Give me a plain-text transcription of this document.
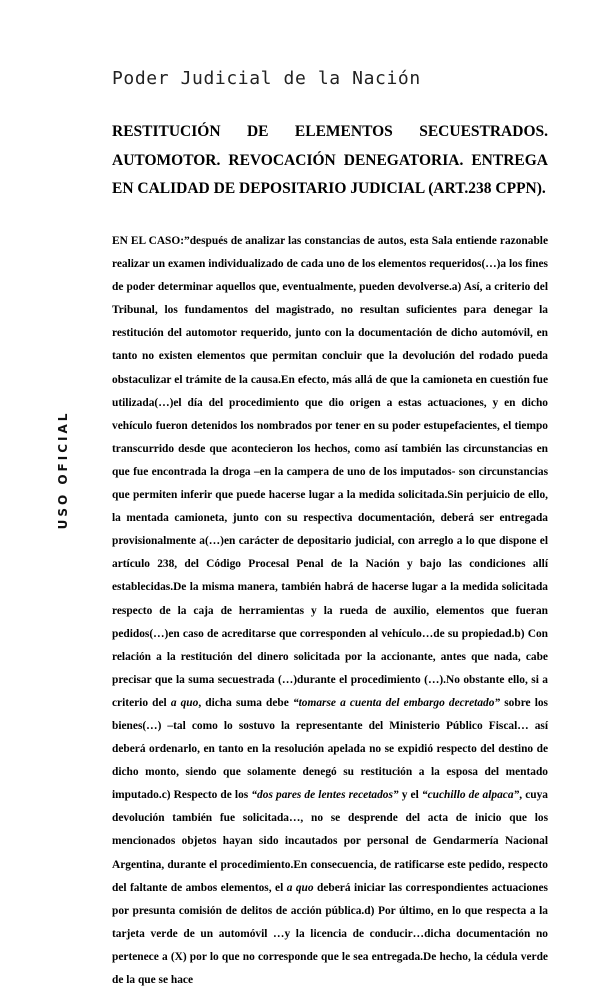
Poder Judicial de la Nación
USO OFICIAL
RESTITUCIÓN DE ELEMENTOS SECUESTRADOS. AUTOMOTOR. REVOCACIÓN DENEGATORIA. ENTREGA EN CALIDAD DE DEPOSITARIO JUDICIAL (ART.238 CPPN).

EN EL CASO:”después de analizar las constancias de autos, esta Sala entiende razonable realizar un examen individualizado de cada uno de los elementos requeridos(…)a los fines de poder determinar aquellos que, eventualmente, pueden devolverse.a) Así, a criterio del Tribunal, los fundamentos del magistrado, no resultan suficientes para denegar la restitución del automotor requerido, junto con la documentación de dicho automóvil, en tanto no existen elementos que permitan concluir que la devolución del rodado pueda obstaculizar el trámite de la causa.En efecto, más allá de que la camioneta en cuestión fue utilizada(…)el día del procedimiento que dio origen a estas actuaciones, y en dicho vehículo fueron detenidos los nombrados por tener en su poder estupefacientes, el tiempo transcurrido desde que acontecieron los hechos, como así también las circunstancias en que fue encontrada la droga –en la campera de uno de los imputados- son circunstancias que permiten inferir que puede hacerse lugar a la medida solicitada.Sin perjuicio de ello, la mentada camioneta, junto con su respectiva documentación, deberá ser entregada provisionalmente a(…)en carácter de depositario judicial, con arreglo a lo que dispone el artículo 238, del Código Procesal Penal de la Nación y bajo las condiciones allí establecidas.De la misma manera, también habrá de hacerse lugar a la medida solicitada respecto de la caja de herramientas y la rueda de auxilio, elementos que fueran pedidos(…)en caso de acreditarse que corresponden al vehículo…de su propiedad.b) Con relación a la restitución del dinero solicitada por la accionante, antes que nada, cabe precisar que la suma secuestrada (…)durante el procedimiento (…).No obstante ello, si a criterio del a quo, dicha suma debe “tomarse a cuenta del embargo decretado” sobre los bienes(…) –tal como lo sostuvo la representante del Ministerio Público Fiscal… así deberá ordenarlo, en tanto en la resolución apelada no se expidió respecto del destino de dicho monto, siendo que solamente denegó su restitución a la esposa del mentado imputado.c) Respecto de los “dos pares de lentes recetados” y el “cuchillo de alpaca”, cuya devolución también fue solicitada…, no se desprende del acta de inicio que los mencionados objetos hayan sido incautados por personal de Gendarmería Nacional Argentina, durante el procedimiento.En consecuencia, de ratificarse este pedido, respecto del faltante de ambos elementos, el a quo deberá iniciar las correspondientes actuaciones por presunta comisión de delitos de acción pública.d) Por último, en lo que respecta a la tarjeta verde de un automóvil …y la licencia de conducir…dicha documentación no pertenece a (X) por lo que no corresponde que le sea entregada.De hecho, la cédula verde de la que se hace
